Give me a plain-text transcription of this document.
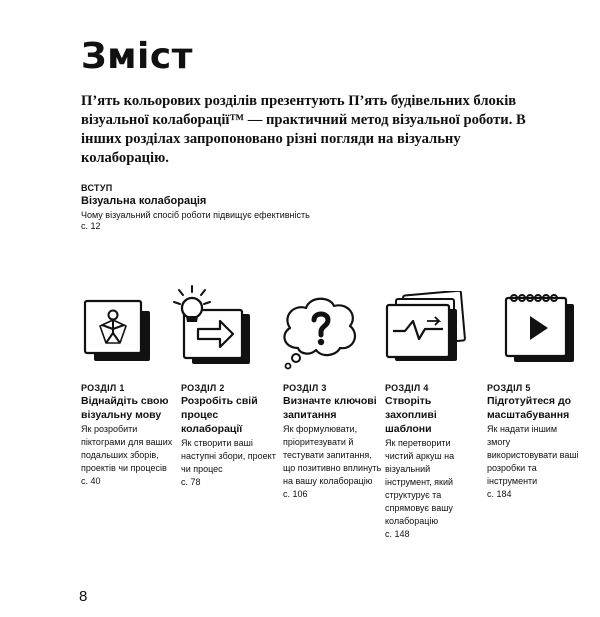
Зміст
П’ять кольорових розділів презентують П’ять будівельних блоків візуальної колаборації™ — практичний метод візуальної роботи. В інших розділах запропоновано різні погляди на візуальну колаборацію.
ВСТУП
Візуальна колаборація
Чому візуальний спосіб роботи підвищує ефективність
с. 12
РОЗДІЛ 1
Віднайдіть свою візуальну мову
Як розробити піктограми для ваших подальших зборів, проектів чи процесів
с. 40
РОЗДІЛ 2
Розробіть свій процес колаборації
Як створити ваші наступні збори, проект чи процес
с. 78
РОЗДІЛ 3
Визначте ключові запитання
Як формулювати, пріоритезувати й тестувати запитання, що позитивно вплинуть на вашу колаборацію
с. 106
РОЗДІЛ 4
Створіть захопливі шаблони
Як перетворити чистий аркуш на візуальний інструмент, який структурує та спрямовує вашу колаборацію
с. 148
РОЗДІЛ 5
Підготуйтеся до масштабування
Як надати іншим змогу використовувати ваші розробки та інструменти
с. 184
8
